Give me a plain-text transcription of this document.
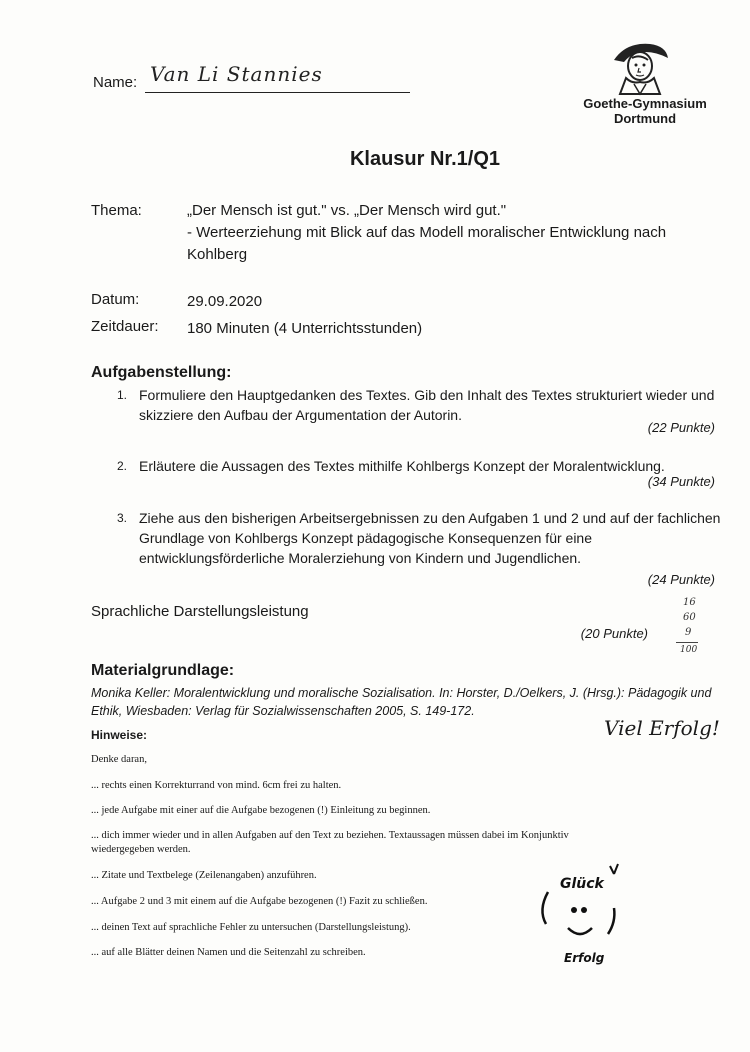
Name: Van Li Stannies
Goethe-Gymnasium
Dortmund
Klausur Nr.1/Q1
Thema:	„Der Mensch ist gut." vs. „Der Mensch wird gut."
- Werteerziehung mit Blick auf das Modell moralischer Entwicklung nach Kohlberg
Datum:	29.09.2020
Zeitdauer: 180 Minuten (4 Unterrichtsstunden)
Aufgabenstellung:
1. Formuliere den Hauptgedanken des Textes. Gib den Inhalt des Textes strukturiert wieder und skizziere den Aufbau der Argumentation der Autorin.
(22 Punkte)
2. Erläutere die Aussagen des Textes mithilfe Kohlbergs Konzept der Moralentwicklung.
(34 Punkte)
3. Ziehe aus den bisherigen Arbeitsergebnissen zu den Aufgaben 1 und 2 und auf der fachlichen Grundlage von Kohlbergs Konzept pädagogische Konsequenzen für eine entwicklungsförderliche Moralerziehung von Kindern und Jugendlichen.
(24 Punkte)
Sprachliche Darstellungsleistung
(20 Punkte)
16
60
9
100
Materialgrundlage:
Monika Keller: Moralentwicklung und moralische Sozialisation. In: Horster, D./Oelkers, J. (Hrsg.): Pädagogik und Ethik, Wiesbaden: Verlag für Sozialwissenschaften 2005, S. 149-172.
Viel Erfolg!
Hinweise:
Denke daran,
... rechts einen Korrekturrand von mind. 6cm frei zu halten.
... jede Aufgabe mit einer auf die Aufgabe bezogenen (!) Einleitung zu beginnen.
... dich immer wieder und in allen Aufgaben auf den Text zu beziehen. Textaussagen müssen dabei im Konjunktiv wiedergegeben werden.
... Zitate und Textbelege (Zeilenangaben) anzuführen.
... Aufgabe 2 und 3 mit einem auf die Aufgabe bezogenen (!) Fazit zu schließen.
... deinen Text auf sprachliche Fehler zu untersuchen (Darstellungsleistung).
... auf alle Blätter deinen Namen und die Seitenzahl zu schreiben.
Glück
Erfolg
